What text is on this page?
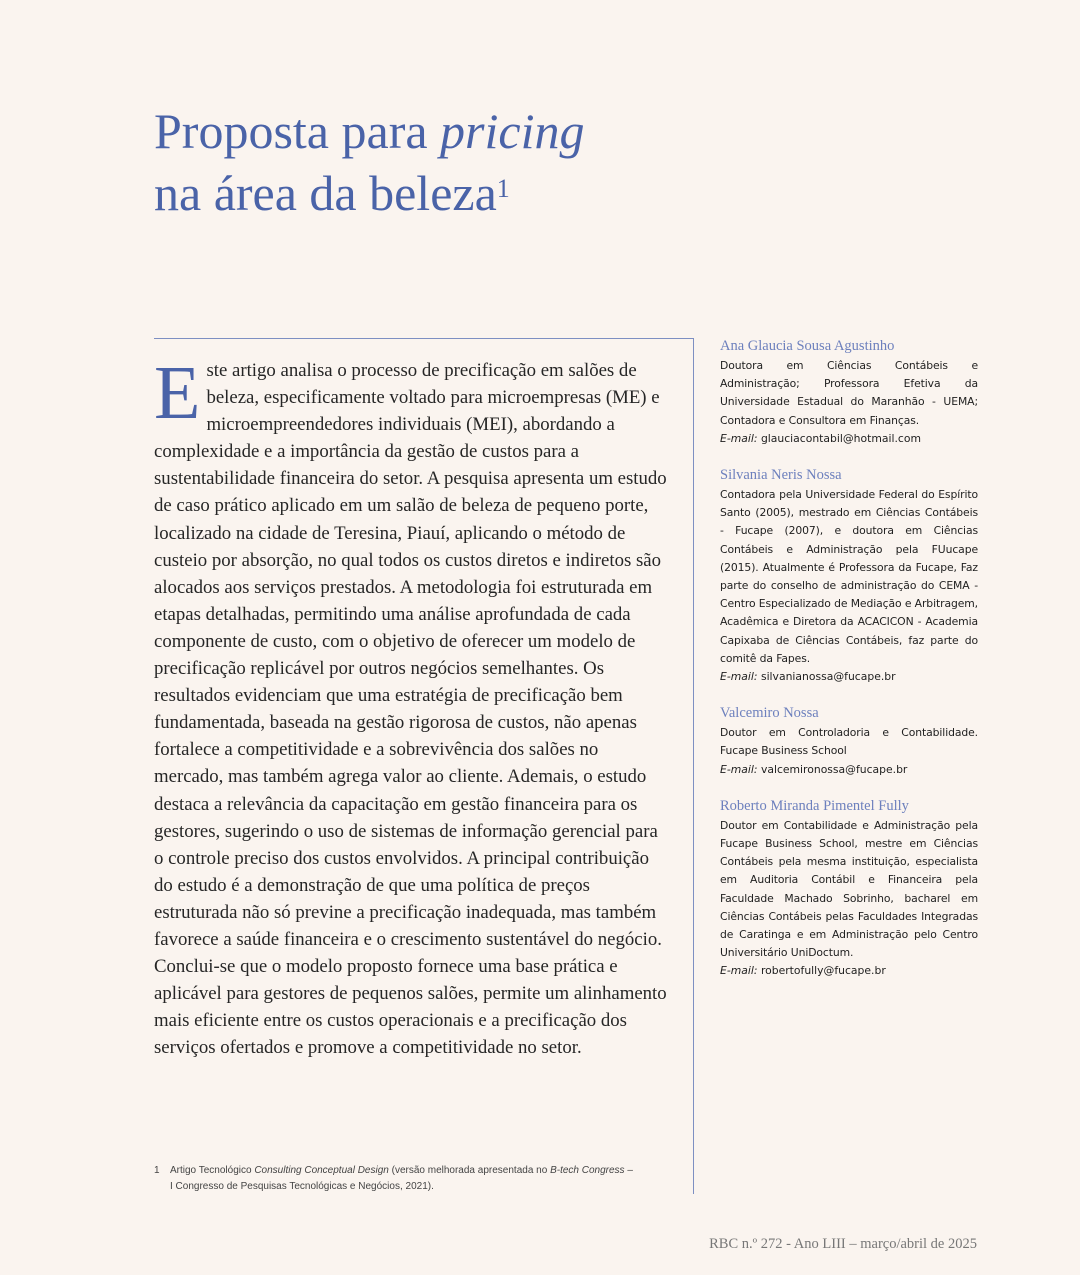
Proposta para pricing
na área da beleza$^1$

Este artigo analisa o processo de precificação em salões de beleza, especificamente voltado para microempresas (ME) e microempreendedores individuais (MEI), abordando a complexidade e a importância da gestão de custos para a sustentabilidade financeira do setor. A pesquisa apresenta um estudo de caso prático aplicado em um salão de beleza de pequeno porte, localizado na cidade de Teresina, Piauí, aplicando o método de custeio por absorção, no qual todos os custos diretos e indiretos são alocados aos serviços prestados. A metodologia foi estruturada em etapas detalhadas, permitindo uma análise aprofundada de cada componente de custo, com o objetivo de oferecer um modelo de precificação replicável por outros negócios semelhantes. Os resultados evidenciam que uma estratégia de precificação bem fundamentada, baseada na gestão rigorosa de custos, não apenas fortalece a competitividade e a sobrevivência dos salões no mercado, mas também agrega valor ao cliente. Ademais, o estudo destaca a relevância da capacitação em gestão financeira para os gestores, sugerindo o uso de sistemas de informação gerencial para o controle preciso dos custos envolvidos. A principal contribuição do estudo é a demonstração de que uma política de preços estruturada não só previne a precificação inadequada, mas também favorece a saúde financeira e o crescimento sustentável do negócio. Conclui-se que o modelo proposto fornece uma base prática e aplicável para gestores de pequenos salões, permite um alinhamento mais eficiente entre os custos operacionais e a precificação dos serviços ofertados e promove a competitividade no setor.

1 Artigo Tecnológico Consulting Conceptual Design (versão melhorada apresentada no B-tech Congress –
I Congresso de Pesquisas Tecnológicas e Negócios, 2021).

Ana Glaucia Sousa Agustinho

Doutora em Ciências Contábeis e Administração; Professora Efetiva da Universidade Estadual do Maranhão - UEMA; Contadora e Consultora em Finanças.

E-mail: glauciacontabil@hotmail.com

Silvania Neris Nossa

Contadora pela Universidade Federal do Espírito Santo (2005), mestrado em Ciências Contábeis - Fucape (2007), e doutora em Ciências Contábeis e Administração pela FUucape (2015). Atualmente é Professora da Fucape, Faz parte do conselho de administração do CEMA - Centro Especializado de Mediação e Arbitragem, Acadêmica e Diretora da ACACICON - Academia Capixaba de Ciências Contábeis, faz parte do comitê da Fapes.

E-mail: silvanianossa@fucape.br

Valcemiro Nossa

Doutor em Controladoria e Contabilidade. Fucape Business School

E-mail: valcemironossa@fucape.br

Roberto Miranda Pimentel Fully

Doutor em Contabilidade e Administração pela Fucape Business School, mestre em Ciências Contábeis pela mesma instituição, especialista em Auditoria Contábil e Financeira pela Faculdade Machado Sobrinho, bacharel em Ciências Contábeis pelas Faculdades Integradas de Caratinga e em Administração pelo Centro Universitário UniDoctum.

E-mail: robertofully@fucape.br

RBC n.º 272 - Ano LIII – março/abril de 2025
